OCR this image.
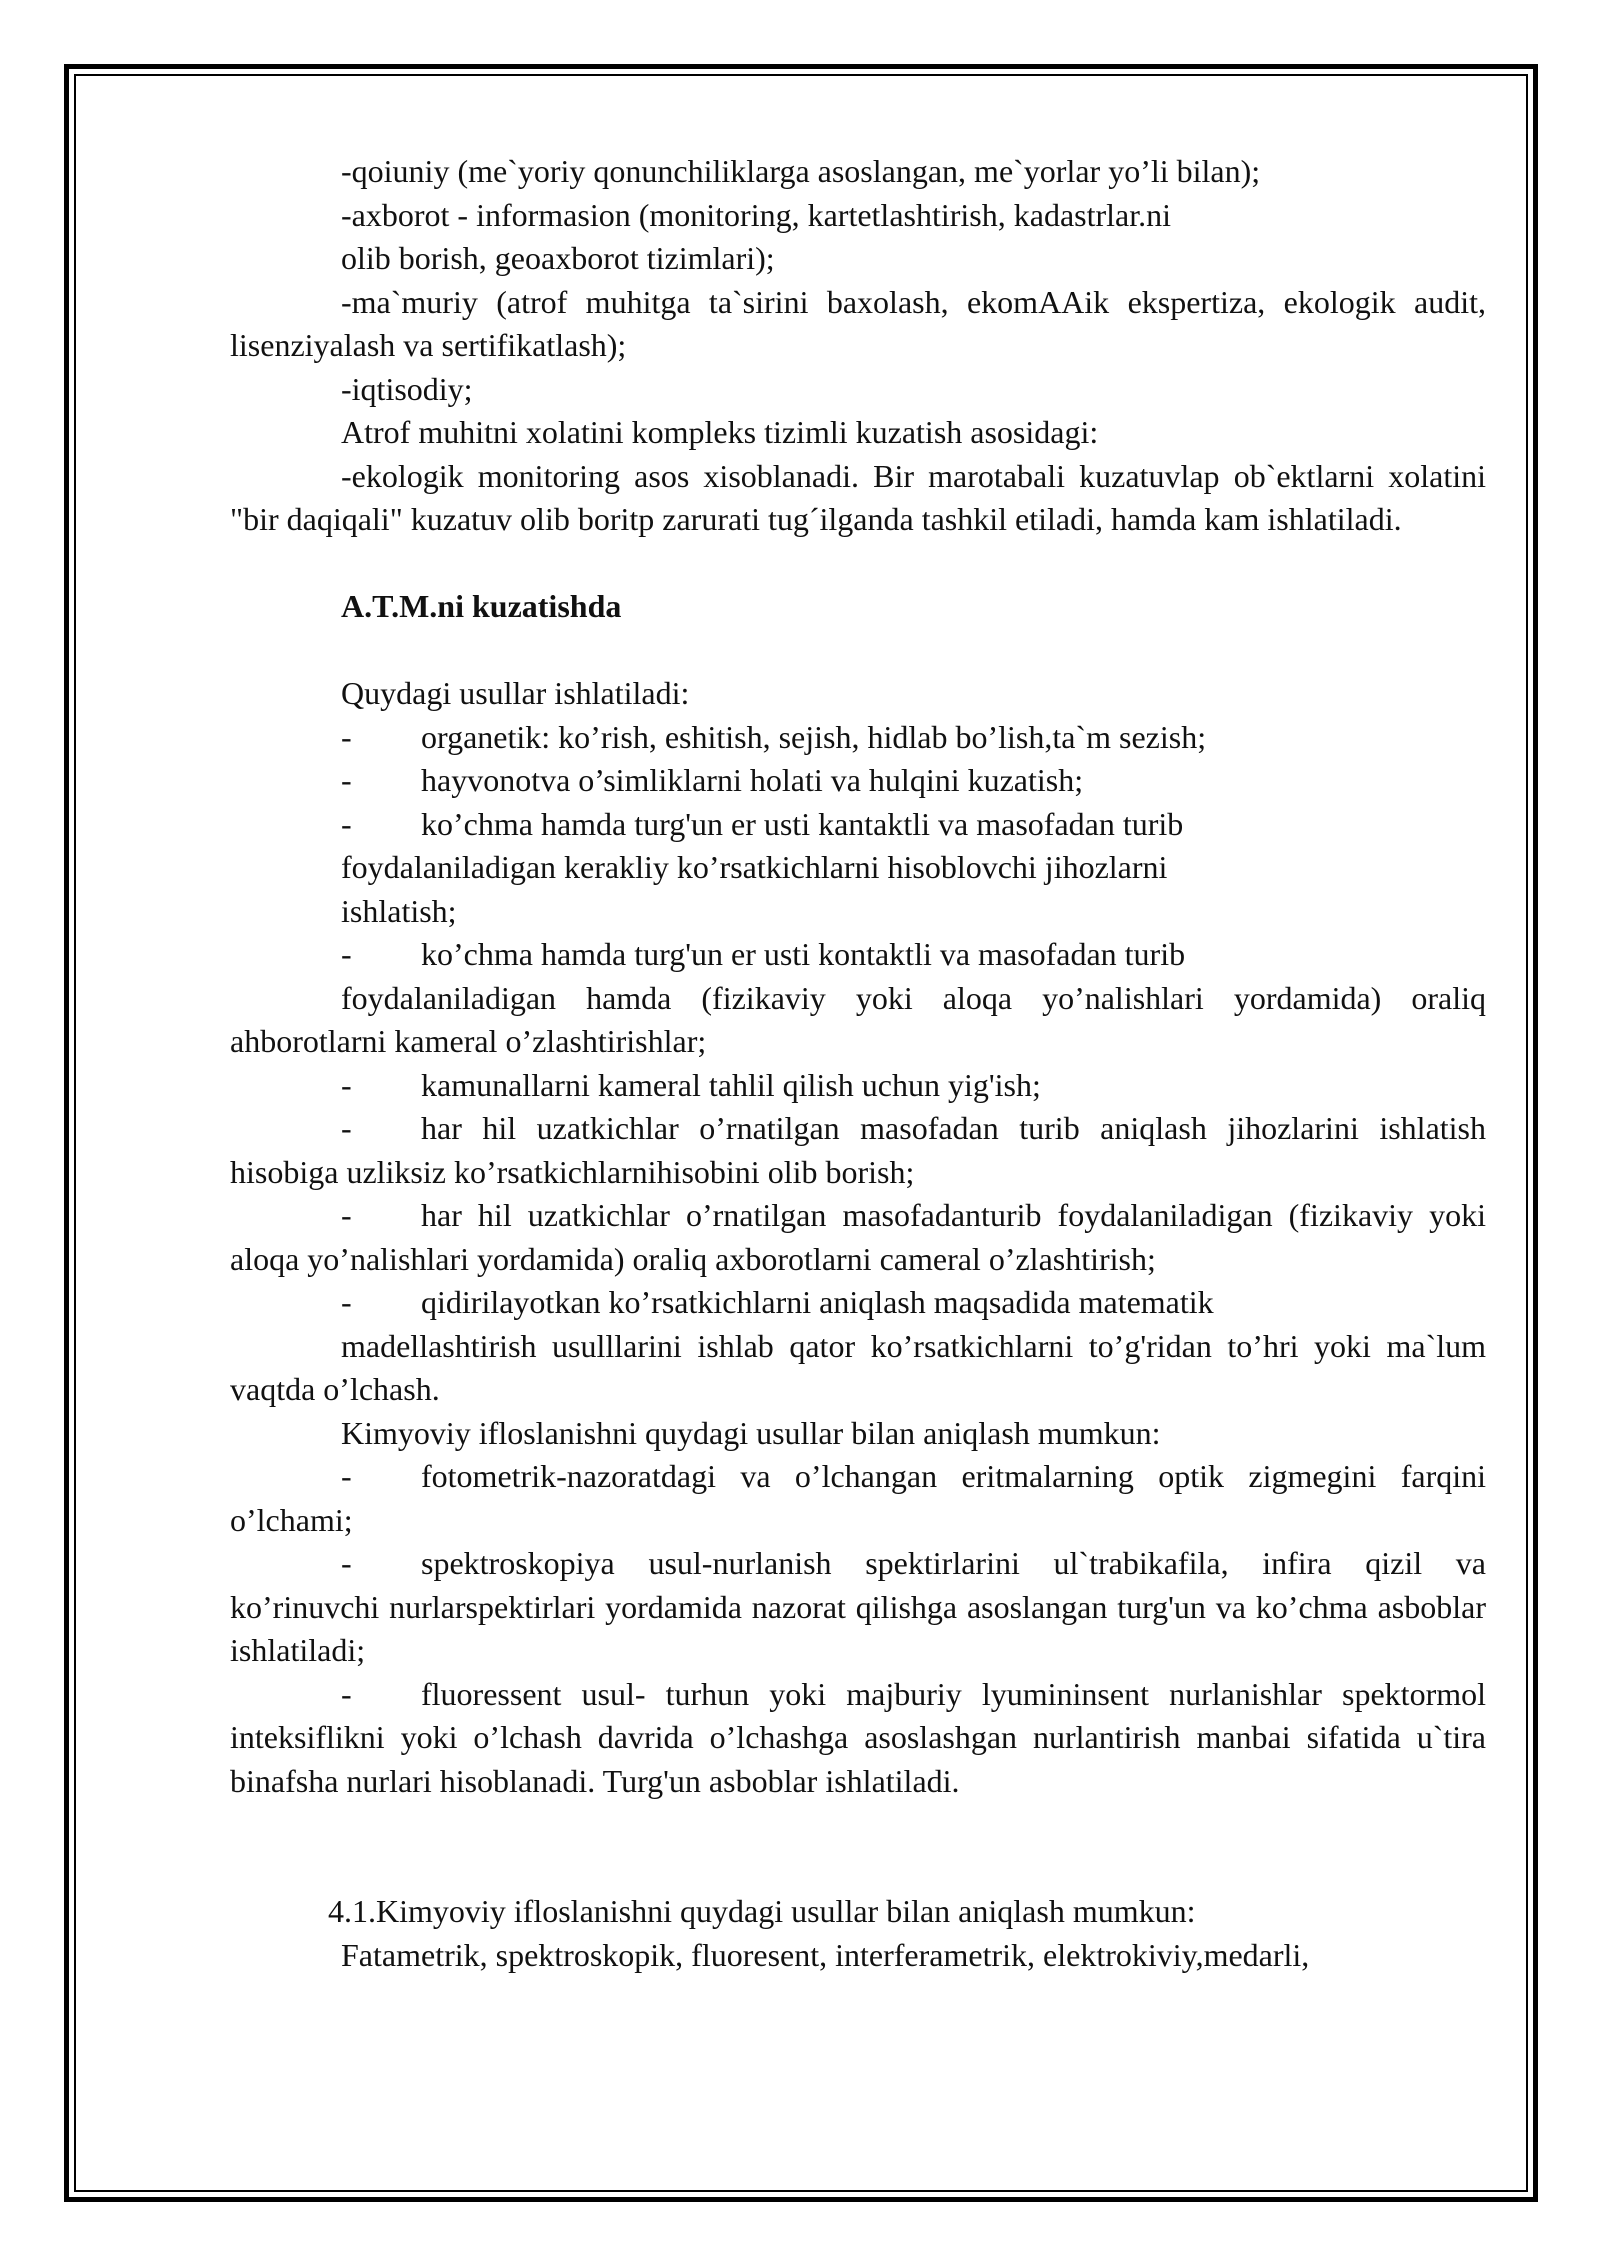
-qoiuniy (me`yoriy qonunchiliklarga asoslangan, me`yorlar yo’li bilan);

-axborot - informasion (monitoring, kartetlashtirish, kadastrlar.ni

olib borish, geoaxborot tizimlari);

-ma`muriy (atrof muhitga ta`sirini baxolash, ekomAAik ekspertiza, ekologik audit, lisenziyalash va sertifikatlash);

-iqtisodiy;

Atrof muhitni xolatini kompleks tizimli kuzatish asosidagi:

-ekologik monitoring asos xisoblanadi. Bir marotabali kuzatuvlap ob`ektlarni xolatini "bir daqiqali" kuzatuv olib boritp zarurati tug´ilganda tashkil etiladi, hamda kam ishlatiladi.

A.T.M.ni kuzatishda

Quydagi usullar ishlatiladi:

- organetik: ko’rish, eshitish, sejish, hidlab bo’lish,ta`m sezish;

- hayvonotva o’simliklarni holati va hulqini kuzatish;

- ko’chma hamda turg'un er usti kantaktli va masofadan turib

foydalaniladigan kerakliy ko’rsatkichlarni hisoblovchi jihozlarni

ishlatish;

- ko’chma hamda turg'un er usti kontaktli va masofadan turib

foydalaniladigan hamda (fizikaviy yoki aloqa yo’nalishlari yordamida) oraliq ahborotlarni kameral o’zlashtirishlar;

- kamunallarni kameral tahlil qilish uchun yig'ish;

- har hil uzatkichlar o’rnatilgan masofadan turib aniqlash jihozlarini ishlatish hisobiga uzliksiz ko’rsatkichlarnihisobini olib borish;

- har hil uzatkichlar o’rnatilgan masofadanturib foydalaniladigan (fizikaviy yoki aloqa yo’nalishlari yordamida) oraliq axborotlarni cameral o’zlashtirish;

- qidirilayotkan ko’rsatkichlarni aniqlash maqsadida matematik

madellashtirish usulllarini ishlab qator ko’rsatkichlarni to’g'ridan to’hri yoki ma`lum vaqtda o’lchash.

Kimyoviy ifloslanishni quydagi usullar bilan aniqlash mumkun:

- fotometrik-nazoratdagi va o’lchangan eritmalarning optik zigmegini farqini o’lchami;

- spektroskopiya usul-nurlanish spektirlarini ul`trabikafila, infira qizil va ko’rinuvchi nurlarspektirlari yordamida nazorat qilishga asoslangan turg'un va ko’chma asboblar ishlatiladi;

- fluoressent usul- turhun yoki majburiy lyumininsent nurlanishlar spektormol inteksiflikni yoki o’lchash davrida o’lchashga asoslashgan nurlantirish manbai sifatida u`tira binafsha nurlari hisoblanadi. Turg'un asboblar ishlatiladi.

4.1.Kimyoviy ifloslanishni quydagi usullar bilan aniqlash mumkun:

Fatametrik, spektroskopik, fluoresent, interferametrik, elektrokiviy,medarli,
